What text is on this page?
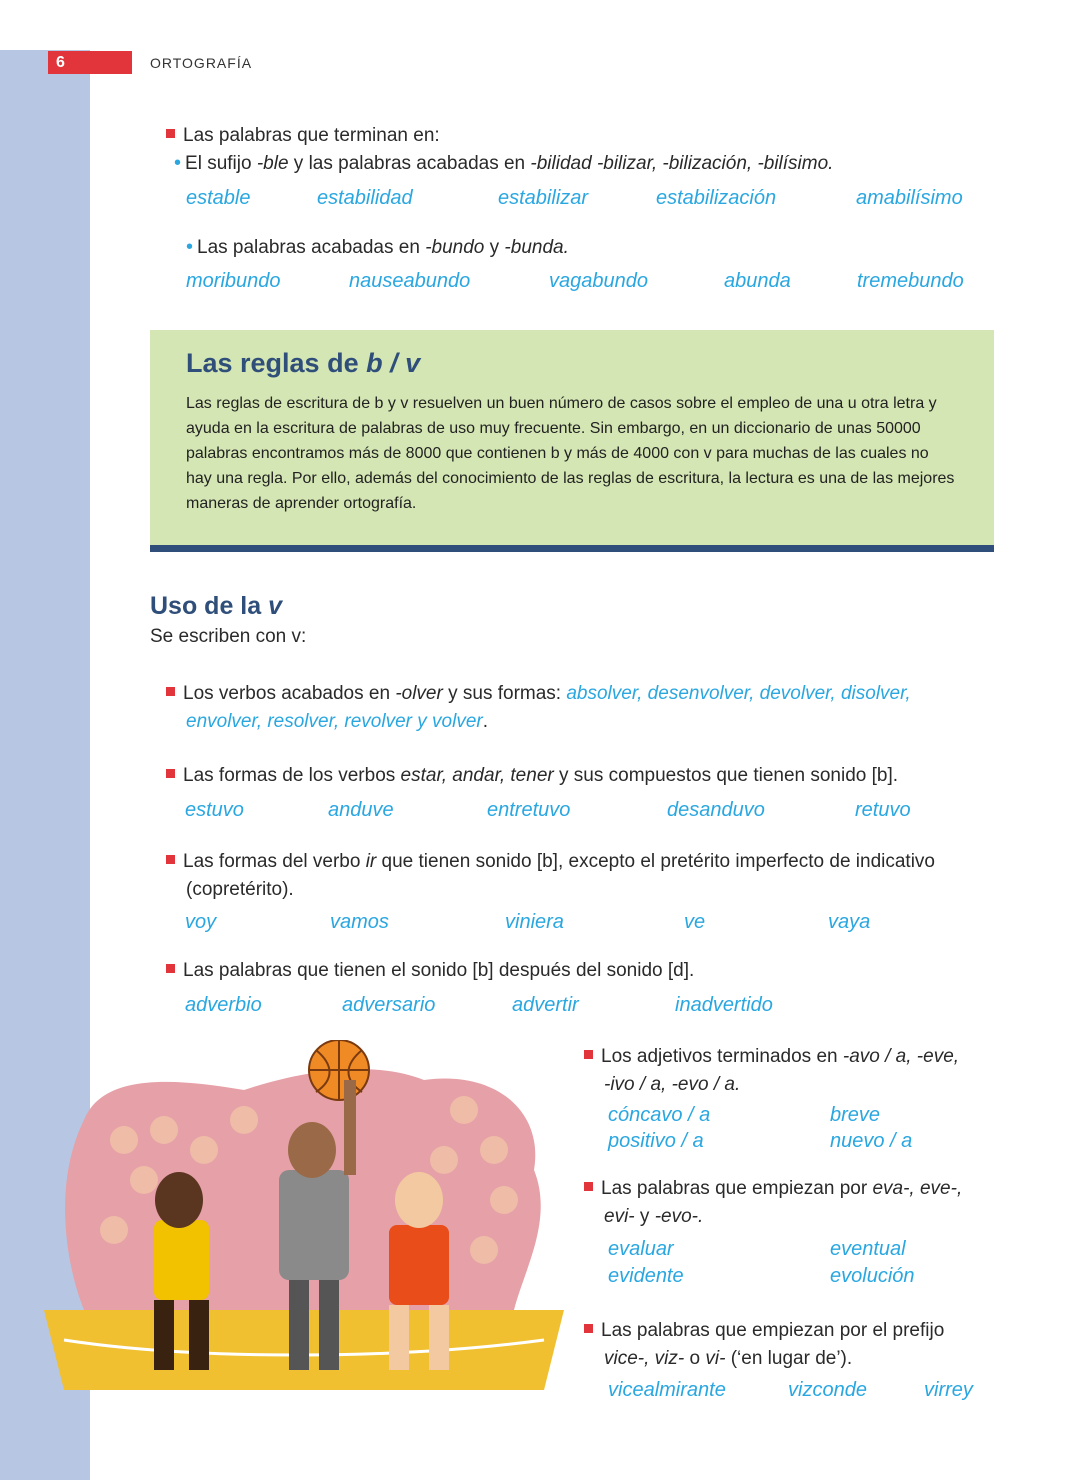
6	ORTOGRAFÍA
Las palabras que terminan en:
• El sufijo -ble y las palabras acabadas en -bilidad -bilizar, -bilización, -bilísimo.
estable	estabilidad	estabilizar	estabilización	amabilísimo
• Las palabras acabadas en -bundo y -bunda.
moribundo	nauseabundo	vagabundo	abunda	tremebundo

Las reglas de b / v

Las reglas de escritura de b y v resuelven un buen número de casos sobre el empleo de una u otra letra y ayuda en la escritura de palabras de uso muy frecuente. Sin embargo, en un diccionario de unas 50000 palabras encontramos más de 8000 que contienen b y más de 4000 con v para muchas de las cuales no hay una regla. Por ello, además del conocimiento de las reglas de escritura, la lectura es una de las mejores maneras de aprender ortografía.

Uso de la v
Se escriben con v:
Los verbos acabados en -olver y sus formas: absolver, desenvolver, devolver, disolver,
envolver, resolver, revolver y volver.
Las formas de los verbos estar, andar, tener y sus compuestos que tienen sonido [b].
estuvo	anduve	entretuvo	desanduvo	retuvo
Las formas del verbo ir que tienen sonido [b], excepto el pretérito imperfecto de indicativo
(copretérito).
voy	vamos	viniera	ve	vaya
Las palabras que tienen el sonido [b] después del sonido [d].
adverbio	adversario	advertir	inadvertido
Los adjetivos terminados en -avo / a, -eve,
-ivo / a, -evo / a.
cóncavo / a	breve
positivo / a	nuevo / a
Las palabras que empiezan por eva-, eve-,
evi- y -evo-.
evaluar	eventual
evidente	evolución
Las palabras que empiezan por el prefijo
vice-, viz- o vi- (‘en lugar de’).
vicealmirante	vizconde	virrey
